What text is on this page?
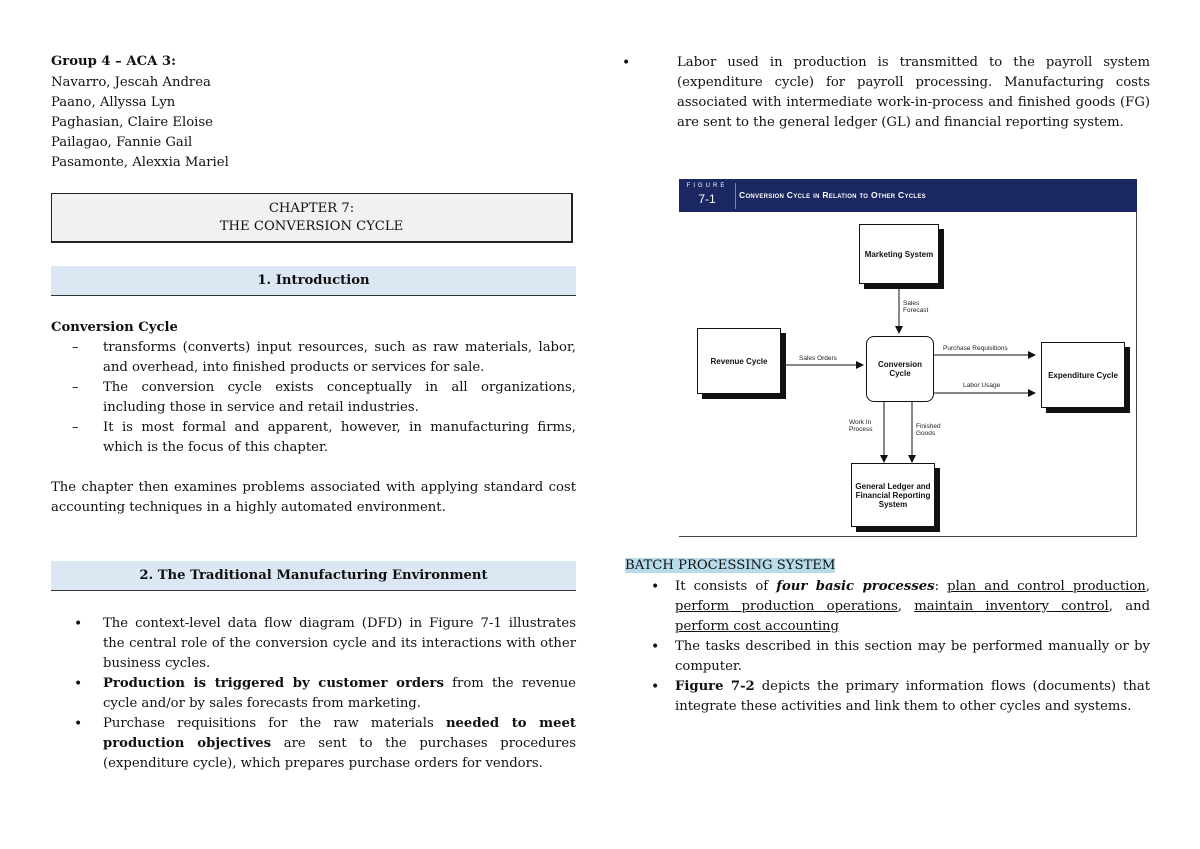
Group 4 – ACA 3:
Navarro, Jescah Andrea
Paano, Allyssa Lyn
Paghasian, Claire Eloise
Pailagao, Fannie Gail
Pasamonte, Alexxia Mariel
CHAPTER 7:
THE CONVERSION CYCLE
1. Introduction
Conversion Cycle
– transforms (converts) input resources, such as raw materials, labor, and overhead, into finished products or services for sale.
– The conversion cycle exists conceptually in all organizations, including those in service and retail industries.
– It is most formal and apparent, however, in manufacturing firms, which is the focus of this chapter.
The chapter then examines problems associated with applying standard cost accounting techniques in a highly automated environment.
2. The Traditional Manufacturing Environment
• The context-level data flow diagram (DFD) in Figure 7-1 illustrates the central role of the conversion cycle and its interactions with other business cycles.
• Production is triggered by customer orders from the revenue cycle and/or by sales forecasts from marketing.
• Purchase requisitions for the raw materials needed to meet production objectives are sent to the purchases procedures (expenditure cycle), which prepares purchase orders for vendors.
•	Labor used in production is transmitted to the payroll system (expenditure cycle) for payroll processing. Manufacturing costs associated with intermediate work-in-process and finished goods (FG) are sent to the general ledger (GL) and financial reporting system.
FIGURE
7-1	Conversion Cycle in Relation to Other Cycles
Marketing System
Revenue Cycle	Conversion Cycle	Expenditure Cycle
General Ledger and Financial Reporting System
Sales Forecast
Sales Orders
Purchase Requisitions
Labor Usage
Work In Process	Finished Goods
BATCH PROCESSING SYSTEM
• It consists of four basic processes: plan and control production, perform production operations, maintain inventory control, and perform cost accounting
• The tasks described in this section may be performed manually or by computer.
• Figure 7-2 depicts the primary information flows (documents) that integrate these activities and link them to other cycles and systems.
